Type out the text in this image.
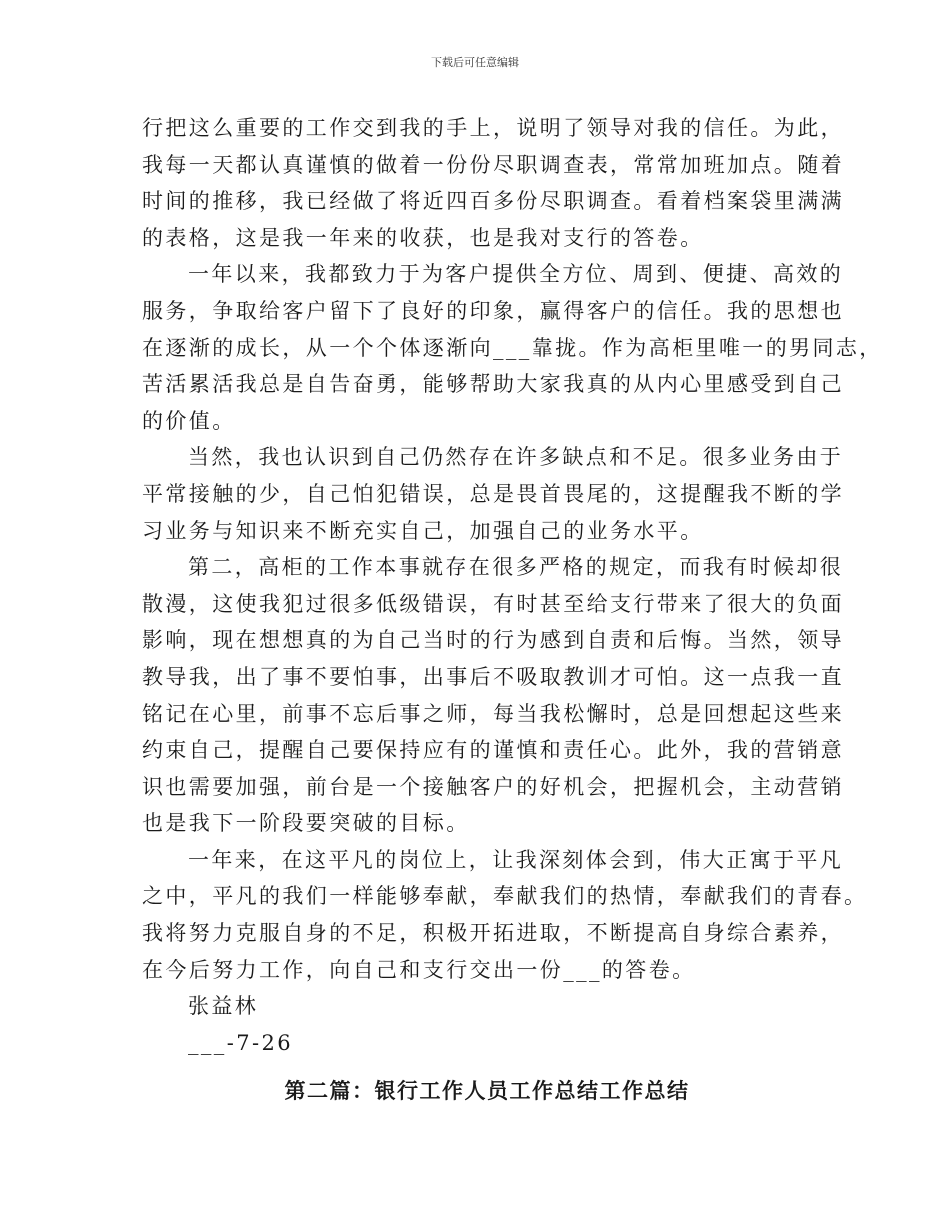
下载后可任意编辑

行把这么重要的工作交到我的手上，说明了领导对我的信任。为此，
我每一天都认真谨慎的做着一份份尽职调查表，常常加班加点。随着
时间的推移，我已经做了将近四百多份尽职调查。看着档案袋里满满
的表格，这是我一年来的收获，也是我对支行的答卷。

一年以来，我都致力于为客户提供全方位、周到、便捷、高效的
服务，争取给客户留下了良好的印象，赢得客户的信任。我的思想也
在逐渐的成长，从一个个体逐渐向___靠拢。作为高柜里唯一的男同志，
苦活累活我总是自告奋勇，能够帮助大家我真的从内心里感受到自己
的价值。

当然，我也认识到自己仍然存在许多缺点和不足。很多业务由于
平常接触的少，自己怕犯错误，总是畏首畏尾的，这提醒我不断的学
习业务与知识来不断充实自己，加强自己的业务水平。

第二，高柜的工作本事就存在很多严格的规定，而我有时候却很
散漫，这使我犯过很多低级错误，有时甚至给支行带来了很大的负面
影响，现在想想真的为自己当时的行为感到自责和后悔。当然，领导
教导我，出了事不要怕事，出事后不吸取教训才可怕。这一点我一直
铭记在心里，前事不忘后事之师，每当我松懈时，总是回想起这些来
约束自己，提醒自己要保持应有的谨慎和责任心。此外，我的营销意
识也需要加强，前台是一个接触客户的好机会，把握机会，主动营销
也是我下一阶段要突破的目标。

一年来，在这平凡的岗位上，让我深刻体会到，伟大正寓于平凡
之中，平凡的我们一样能够奉献，奉献我们的热情，奉献我们的青春。
我将努力克服自身的不足，积极开拓进取，不断提高自身综合素养，
在今后努力工作，向自己和支行交出一份___的答卷。

张益林

___-7-26

第二篇：银行工作人员工作总结工作总结
